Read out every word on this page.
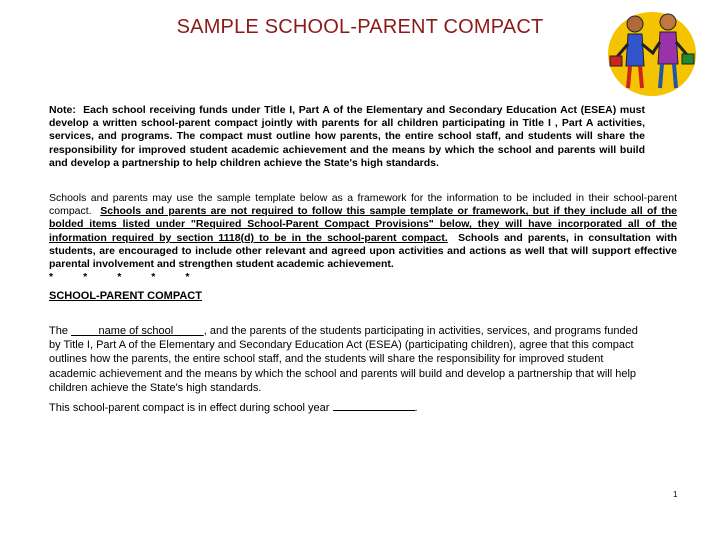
SAMPLE SCHOOL-PARENT COMPACT
Note: Each school receiving funds under Title I, Part A of the Elementary and Secondary Education Act (ESEA) must develop a written school-parent compact jointly with parents for all children participating in Title I , Part A activities, services, and programs. The compact must outline how parents, the entire school staff, and students will share the responsibility for improved student academic achievement and the means by which the school and parents will build and develop a partnership to help children achieve the State's high standards.
Schools and parents may use the sample template below as a framework for the information to be included in their school-parent compact. Schools and parents are not required to follow this sample template or framework, but if they include all of the bolded items listed under "Required School-Parent Compact Provisions" below, they will have incorporated all of the information required by section 1118(d) to be in the school-parent compact. Schools and parents, in consultation with students, are encouraged to include other relevant and agreed upon activities and actions as well that will support effective parental involvement and strengthen student academic achievement.
*	*	*	*	*
SCHOOL-PARENT COMPACT
The	name of school	, and the parents of the students participating in activities, services, and programs funded by Title I, Part A of the Elementary and Secondary Education Act (ESEA) (participating children), agree that this compact outlines how the parents, the entire school staff, and the students will share the responsibility for improved student academic achievement and the means by which the school and parents will build and develop a partnership that will help children achieve the State's high standards.
This school-parent compact is in effect during school year	.
1
